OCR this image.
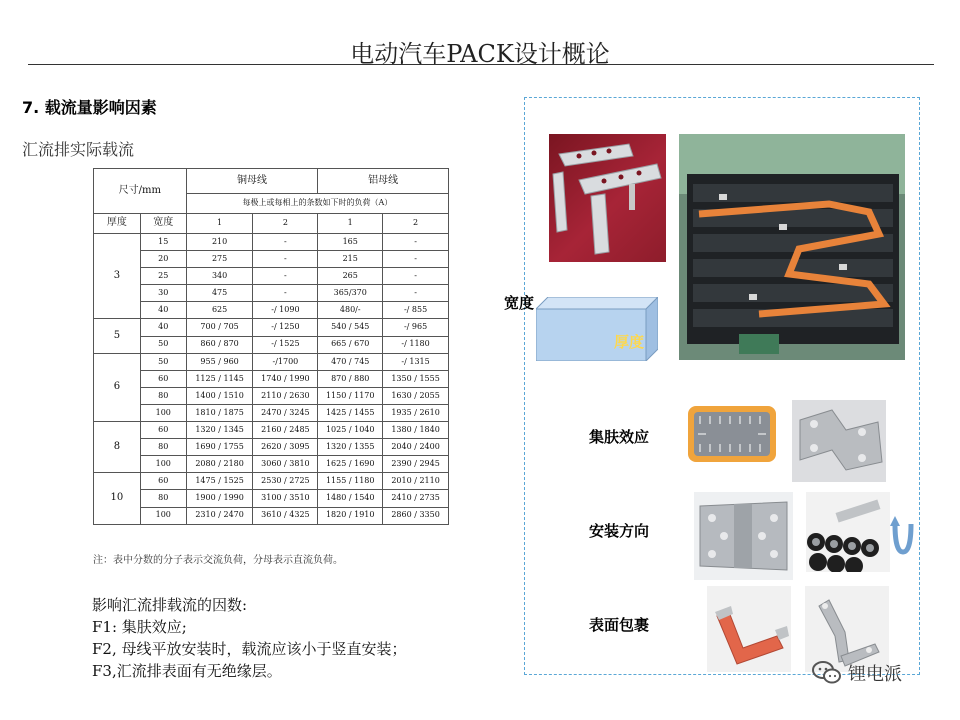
电动汽车PACK设计概论
7. 载流量影响因素
汇流排实际载流
尺寸/mm		铜母线		铝母线	
		每极上或每相上的条数如下时的负荷（A）			
厚度	宽度	1	2	1	2
3	15	210	-	165	-
	20	275	-	215	-
	25	340	-	265	-
	30	475	-	365/370	-
	40	625	-/ 1090	480/-	-/ 855
5	40	700 / 705	-/ 1250	540 / 545	-/ 965
	50	860 / 870	-/ 1525	665 / 670	-/ 1180
6	50	955 / 960	-/1700	470 / 745	-/ 1315
	60	1125 / 1145	1740 / 1990	870 / 880	1350 / 1555
	80	1400 / 1510	2110 / 2630	1150 / 1170	1630 / 2055
	100	1810 / 1875	2470 / 3245	1425 / 1455	1935 / 2610
8	60	1320 / 1345	2160 / 2485	1025 / 1040	1380 / 1840
	80	1690 / 1755	2620 / 3095	1320 / 1355	2040 / 2400
	100	2080 / 2180	3060 / 3810	1625 / 1690	2390 / 2945
10	60	1475 / 1525	2530 / 2725	1155 / 1180	2010 / 2110
	80	1900 / 1990	3100 / 3510	1480 / 1540	2410 / 2735
	100	2310 / 2470	3610 / 4325	1820 / 1910	2860 / 3350
注：表中分数的分子表示交流负荷，分母表示直流负荷。
影响汇流排载流的因数:
F1: 集肤效应;
F2, 母线平放安装时，载流应该小于竖直安装；
F3,汇流排表面有无绝缘层。
宽度
厚度
集肤效应
安装方向
表面包裹
锂电派
